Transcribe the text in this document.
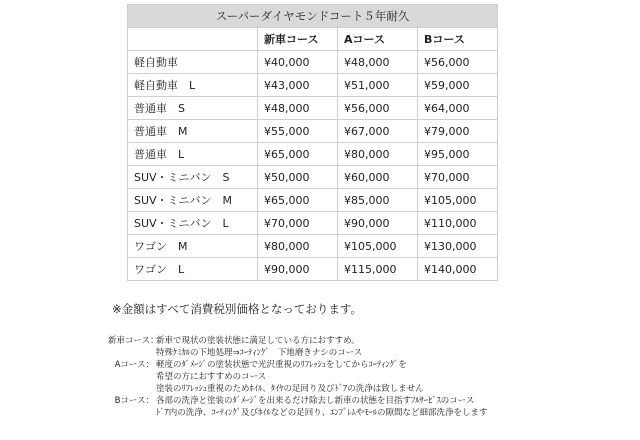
スーパーダイヤモンドコート５年耐久			
	新車コース	Aコース	Bコース
軽自動車	¥40,000	¥48,000	¥56,000
軽自動車　L	¥43,000	¥51,000	¥59,000
普通車　S	¥48,000	¥56,000	¥64,000
普通車　M	¥55,000	¥67,000	¥79,000
普通車　L	¥65,000	¥80,000	¥95,000
SUV・ミニバン　S	¥50,000	¥60,000	¥70,000
SUV・ミニバン　M	¥65,000	¥85,000	¥105,000
SUV・ミニバン　L	¥70,000	¥90,000	¥110,000
ワゴン　M	¥80,000	¥105,000	¥130,000
ワゴン　L	¥90,000	¥115,000	¥140,000
※金額はすべて消費税別価格となっております。
新車コース：
新車で現状の塗装状態に満足している方におすすめ。
特殊ｹﾐｶﾙの下地処理⇒ｺｰﾃｨﾝｸﾞ　下地磨きナシのコース
Aコース： 軽度のﾀﾞﾒｰｼﾞの塗装状態で光沢重視のﾘﾌﾚｯｼｭをしてからｺｰﾃｨﾝｸﾞを
希望の方におすすめのコース
塗装のﾘﾌﾚｯｼｭ重視のためﾎｲﾙ、ﾀｲﾔの足回り及びﾄﾞｱの洗浄は致しません
Bコース： 各部の洗浄と塗装のﾀﾞﾒｰｼﾞを出来るだけ除去し新車の状態を目指すﾌﾙｻｰﾋﾞｽのコース
ﾄﾞｱ内の洗浄、ｺｰﾃｨﾝｸﾞ及びﾎｲﾙなどの足回り、ｴﾝﾌﾞﾚﾑやﾓｰﾙの隙間など細部洗浄をします
